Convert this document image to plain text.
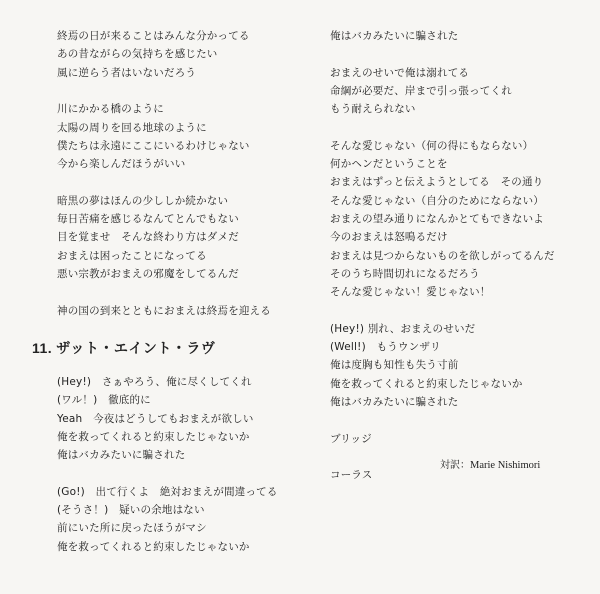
終焉の日が来ることはみんな分かってる
あの昔ながらの気持ちを感じたい
風に逆らう者はいないだろう
川にかかる橋のように
太陽の周りを回る地球のように
僕たちは永遠にここにいるわけじゃない
今から楽しんだほうがいい
暗黒の夢はほんの少ししか続かない
毎日苦痛を感じるなんてとんでもない
目を覚ませ　そんな終わり方はダメだ
おまえは困ったことになってる
悪い宗教がおまえの邪魔をしてるんだ
神の国の到来とともにおまえは終焉を迎える
(Hey!)　さぁやろう、俺に尽くしてくれ
(ワル！)　徹底的に
Yeah　今夜はどうしてもおまえが欲しい
俺を救ってくれると約束したじゃないか
俺はバカみたいに騙された
(Go!)　出て行くよ　絶対おまえが間違ってる
(そうさ！)　疑いの余地はない
前にいた所に戻ったほうがマシ
俺を救ってくれると約束したじゃないか
11. ザット・エイント・ラヴ
俺はバカみたいに騙された
おまえのせいで俺は溺れてる
命綱が必要だ、岸まで引っ張ってくれ
もう耐えられない
そんな愛じゃない（何の得にもならない）
何かヘンだということを
おまえはずっと伝えようとしてる　その通り
そんな愛じゃない（自分のためにならない）
おまえの望み通りになんかとてもできないよ
今のおまえは怒鳴るだけ
おまえは見つからないものを欲しがってるんだ
そのうち時間切れになるだろう
そんな愛じゃない！愛じゃない！
(Hey!) 別れ、おまえのせいだ
(Well!)　もうウンザリ
俺は度胸も知性も失う寸前
俺を救ってくれると約束したじゃないか
俺はバカみたいに騙された
ブリッジ
コーラス
対訳：Marie Nishimori
